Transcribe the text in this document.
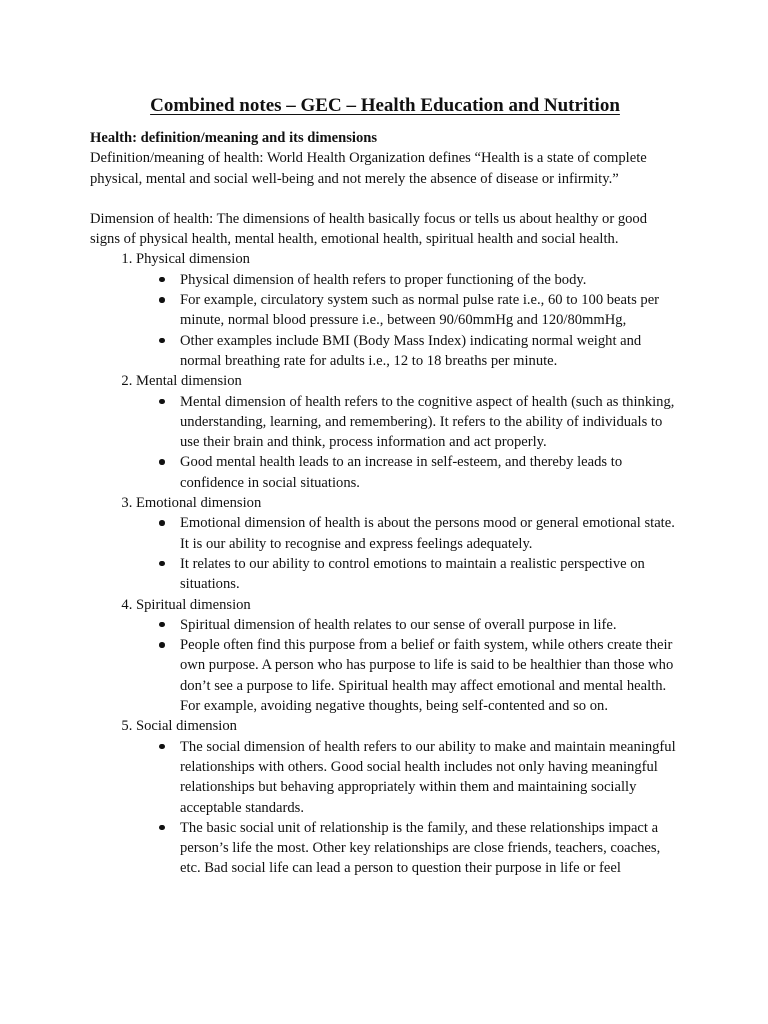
Combined notes – GEC – Health Education and Nutrition

Health: definition/meaning and its dimensions

Definition/meaning of health: World Health Organization defines “Health is a state of complete physical, mental and social well-being and not merely the absence of disease or infirmity.”

Dimension of health: The dimensions of health basically focus or tells us about healthy or good signs of physical health, mental health, emotional health, spiritual health and social health.

1. Physical dimension
Physical dimension of health refers to proper functioning of the body.
For example, circulatory system such as normal pulse rate i.e., 60 to 100 beats per minute, normal blood pressure i.e., between 90/60mmHg and 120/80mmHg,
Other examples include BMI (Body Mass Index) indicating normal weight and normal breathing rate for adults i.e., 12 to 18 breaths per minute.
2. Mental dimension
Mental dimension of health refers to the cognitive aspect of health (such as thinking, understanding, learning, and remembering). It refers to the ability of individuals to use their brain and think, process information and act properly.
Good mental health leads to an increase in self-esteem, and thereby leads to confidence in social situations.
3. Emotional dimension
Emotional dimension of health is about the persons mood or general emotional state. It is our ability to recognise and express feelings adequately.
It relates to our ability to control emotions to maintain a realistic perspective on situations.
4. Spiritual dimension
Spiritual dimension of health relates to our sense of overall purpose in life.
People often find this purpose from a belief or faith system, while others create their own purpose. A person who has purpose to life is said to be healthier than those who don’t see a purpose to life. Spiritual health may affect emotional and mental health. For example, avoiding negative thoughts, being self-contented and so on.
5. Social dimension
The social dimension of health refers to our ability to make and maintain meaningful relationships with others. Good social health includes not only having meaningful relationships but behaving appropriately within them and maintaining socially acceptable standards.
The basic social unit of relationship is the family, and these relationships impact a person’s life the most. Other key relationships are close friends, teachers, coaches, etc. Bad social life can lead a person to question their purpose in life or feel
